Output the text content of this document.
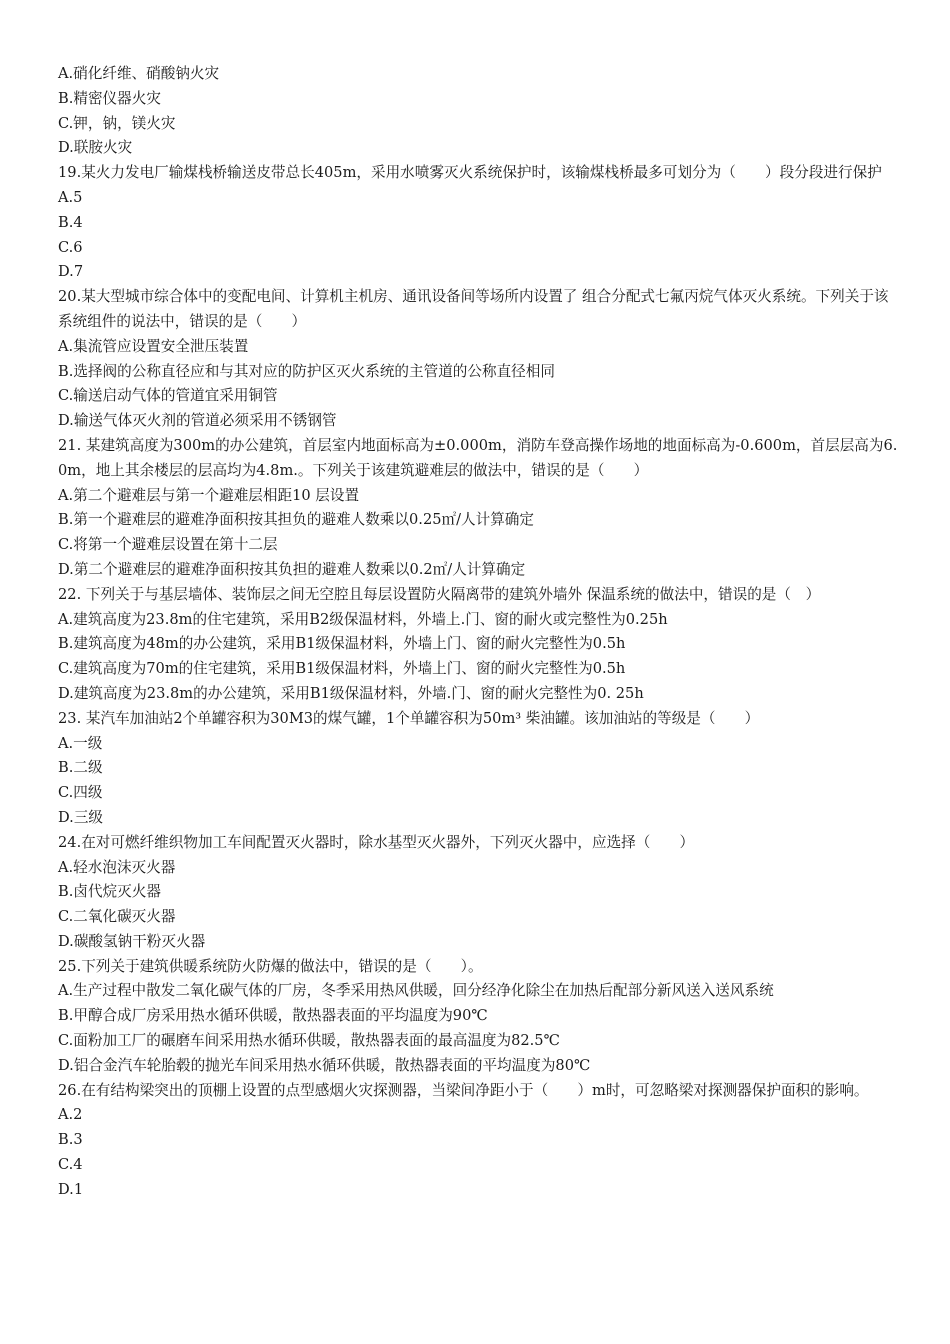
A.硝化纤维、硝酸钠火灾
B.精密仪器火灾
C.钾，钠，镁火灾
D.联胺火灾
19.某火力发电厂输煤栈桥输送皮带总长405m，采用水喷雾灭火系统保护时，该输煤栈桥最多可划分为（　　）段分段进行保护
A.5
B.4
C.6
D.7
20.某大型城市综合体中的变配电间、计算机主机房、通讯设备间等场所内设置了 组合分配式七氟丙烷气体灭火系统。下列关于该系统组件的说法中，错误的是（　　）
A.集流管应设置安全泄压装置
B.选择阀的公称直径应和与其对应的防护区灭火系统的主管道的公称直径相同
C.输送启动气体的管道宜采用铜管
D.输送气体灭火剂的管道必须采用不锈钢管
21. 某建筑高度为300m的办公建筑，首层室内地面标高为±0.000m，消防车登高操作场地的地面标高为-0.600m，首层层高为6.0m，地上其余楼层的层高均为4.8m.。下列关于该建筑避难层的做法中，错误的是（　　）
A.第二个避难层与第一个避难层相距10 层设置
B.第一个避难层的避难净面积按其担负的避难人数乘以0.25㎡/人计算确定
C.将第一个避难层设置在第十二层
D.第二个避难层的避难净面积按其负担的避难人数乘以0.2㎡/人计算确定
22. 下列关于与基层墙体、装饰层之间无空腔且每层设置防火隔离带的建筑外墙外 保温系统的做法中，错误的是（　）
A.建筑高度为23.8m的住宅建筑，采用B2级保温材料，外墙上.门、窗的耐火或完整性为0.25h
B.建筑高度为48m的办公建筑，采用B1级保温材料，外墙上门、窗的耐火完整性为0.5h
C.建筑高度为70m的住宅建筑，采用B1级保温材料，外墙上门、窗的耐火完整性为0.5h
D.建筑高度为23.8m的办公建筑，采用B1级保温材料，外墙.门、窗的耐火完整性为0. 25h
23. 某汽车加油站2个单罐容积为30M3的煤气罐，1个单罐容积为50m³ 柴油罐。该加油站的等级是（　　）
A.一级
B.二级
C.四级
D.三级
24.在对可燃纤维织物加工车间配置灭火器时，除水基型灭火器外，下列灭火器中，应选择（　　）
A.轻水泡沫灭火器
B.卤代烷灭火器
C.二氧化碳灭火器
D.碳酸氢钠干粉灭火器
25.下列关于建筑供暖系统防火防爆的做法中，错误的是（　　）。
A.生产过程中散发二氧化碳气体的厂房，冬季采用热风供暖，回分经净化除尘在加热后配部分新风送入送风系统
B.甲醇合成厂房采用热水循环供暖，散热器表面的平均温度为90℃
C.面粉加工厂的碾磨车间采用热水循环供暖，散热器表面的最高温度为82.5℃
D.铝合金汽车轮胎毂的抛光车间采用热水循环供暖，散热器表面的平均温度为80℃
26.在有结构梁突出的顶棚上设置的点型感烟火灾探测器，当梁间净距小于（　　）m时，可忽略梁对探测器保护面积的影响。
A.2
B.3
C.4
D.1
